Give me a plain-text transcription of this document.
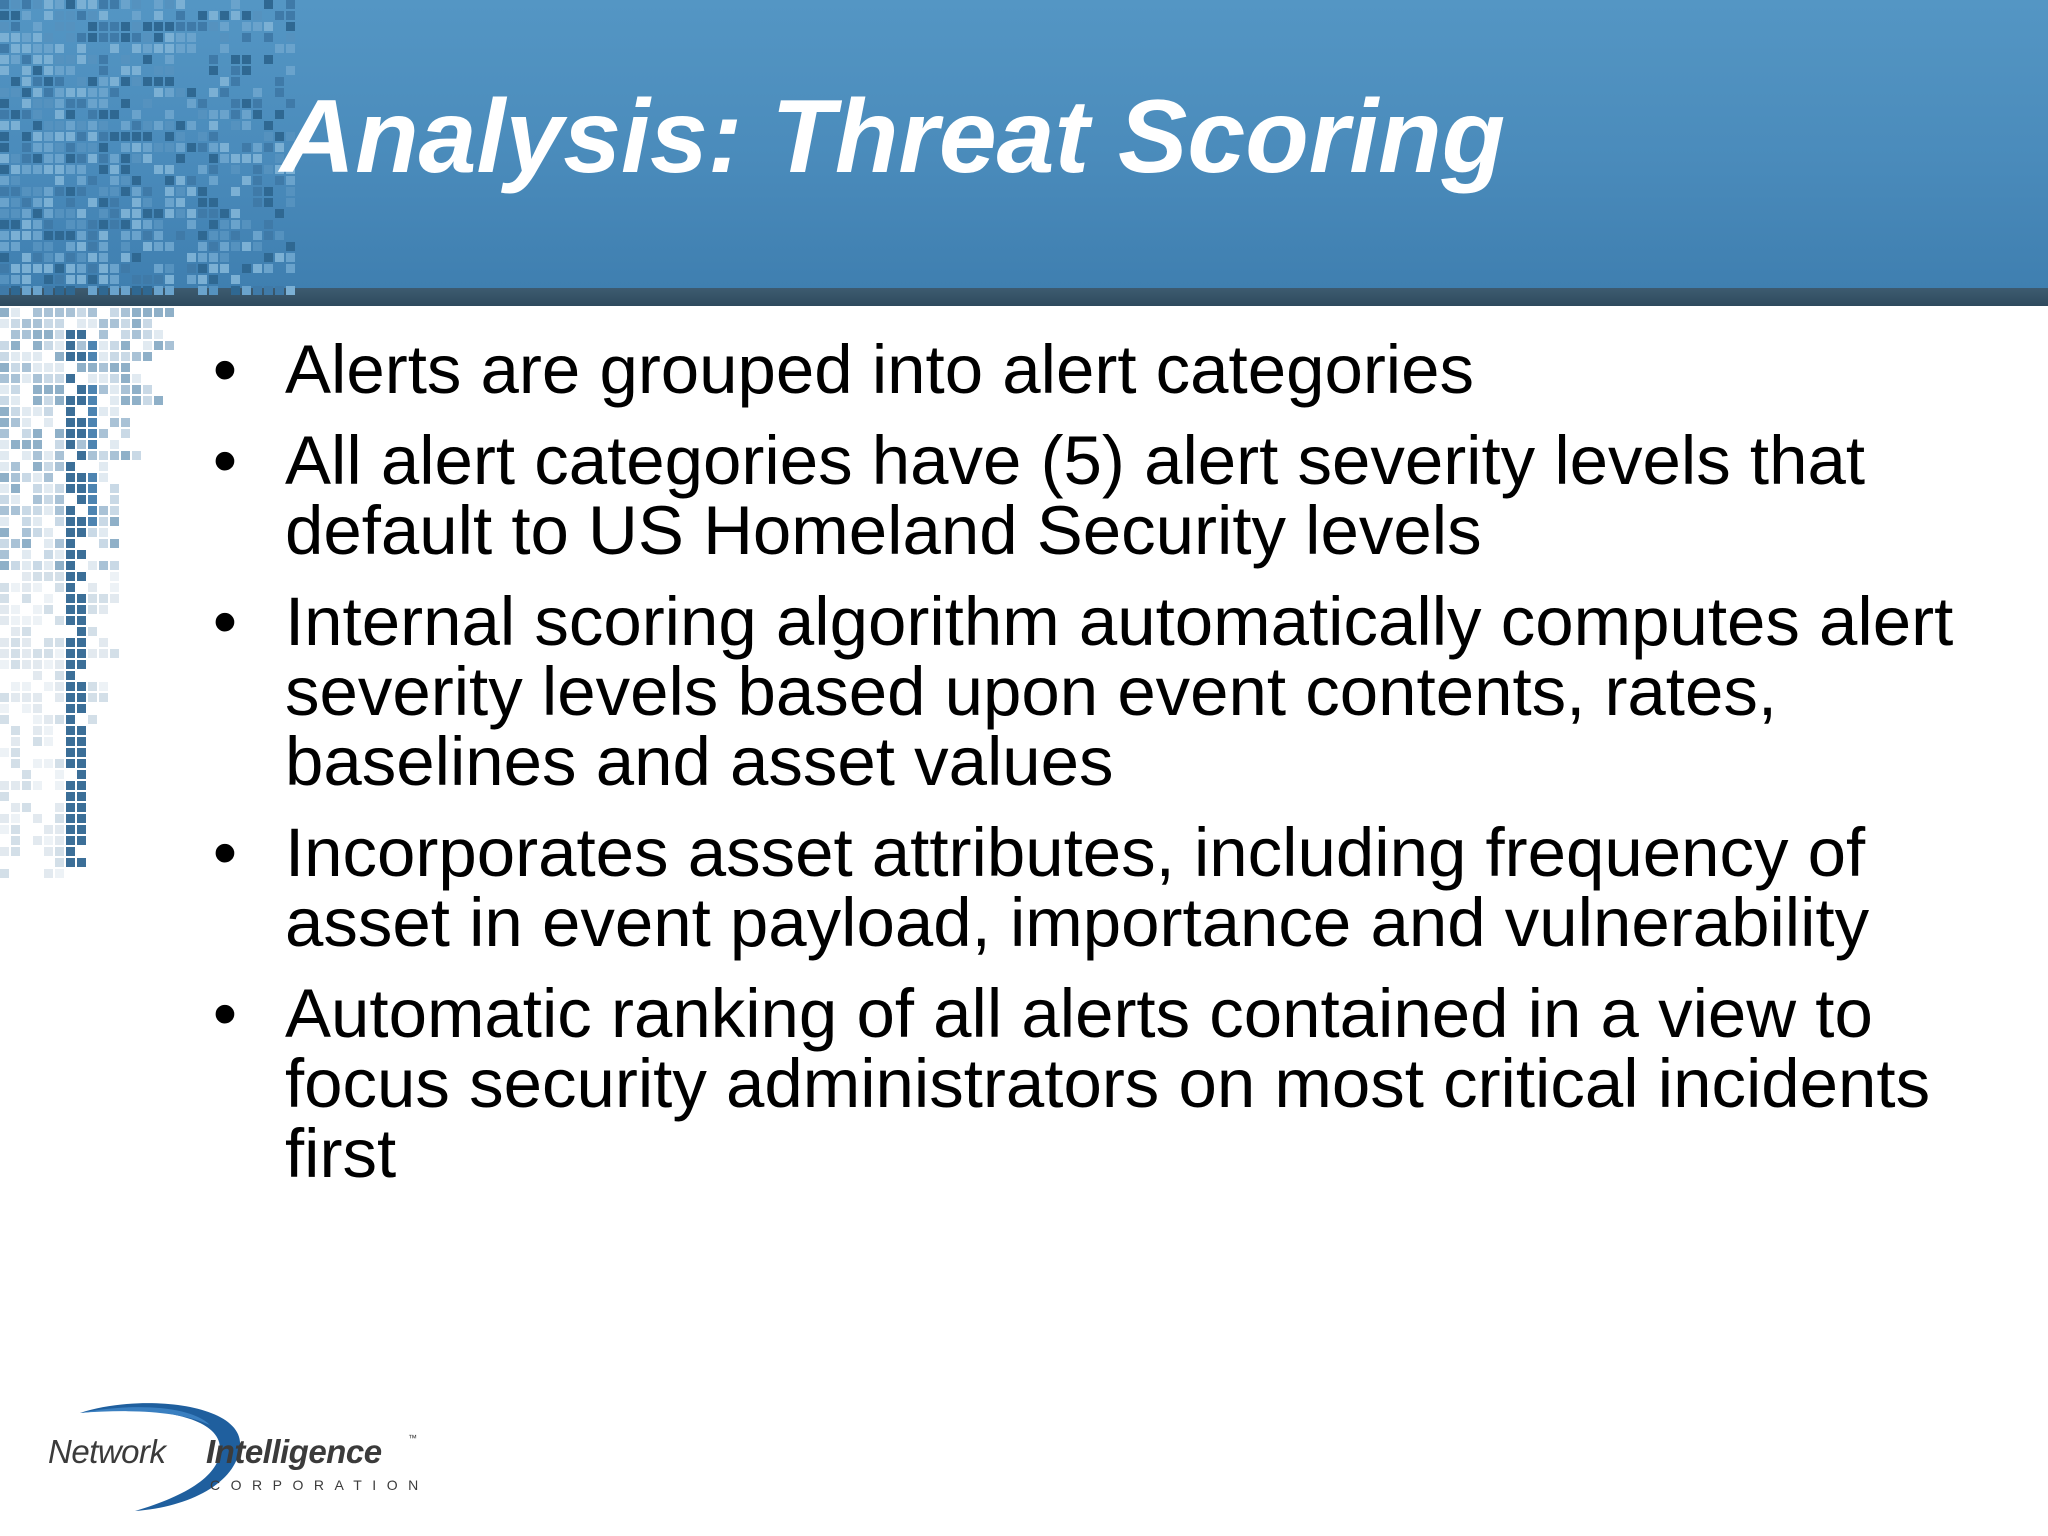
Analysis: Threat Scoring
• Alerts are grouped into alert categories
• All alert categories have (5) alert severity levels that default to US Homeland Security levels
• Internal scoring algorithm automatically computes alert severity levels based upon event contents, rates, baselines and asset values
• Incorporates asset attributes, including frequency of asset in event payload, importance and vulnerability
• Automatic ranking of all alerts contained in a view to focus security administrators on most critical incidents first
Network Intelligence	™
CORPORATION
